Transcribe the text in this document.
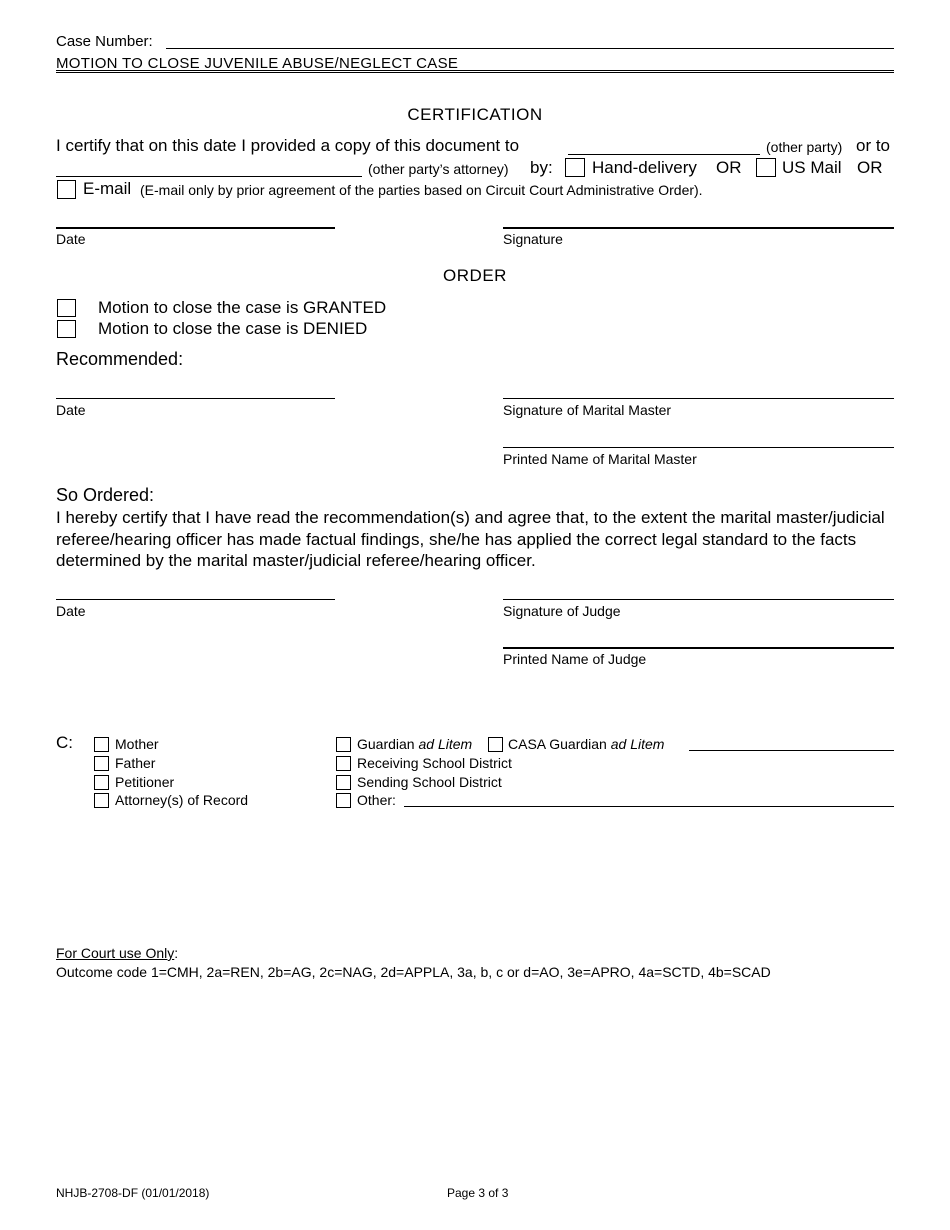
Case Number:
MOTION TO CLOSE JUVENILE ABUSE/NEGLECT CASE
CERTIFICATION
I certify that on this date I provided a copy of this document to	(other party) or to
(other party’s attorney) by: Hand-delivery OR US Mail OR
E-mail (E-mail only by prior agreement of the parties based on Circuit Court Administrative Order).
Date	Signature
ORDER
Motion to close the case is GRANTED
Motion to close the case is DENIED
Recommended:
Date	Signature of Marital Master
Printed Name of Marital Master
So Ordered:
I hereby certify that I have read the recommendation(s) and agree that, to the extent the marital master/judicial referee/hearing officer has made factual findings, she/he has applied the correct legal standard to the facts determined by the marital master/judicial referee/hearing officer.
Date	Signature of Judge
Printed Name of Judge
C:	Mother
Father
Petitioner
Attorney(s) of Record
Guardian ad Litem	CASA Guardian ad Litem
Receiving School District
Sending School District
Other:
For Court use Only:
Outcome code 1=CMH, 2a=REN, 2b=AG, 2c=NAG, 2d=APPLA, 3a, b, c or d=AO, 3e=APRO, 4a=SCTD, 4b=SCAD
NHJB-2708-DF (01/01/2018)	Page 3 of 3
